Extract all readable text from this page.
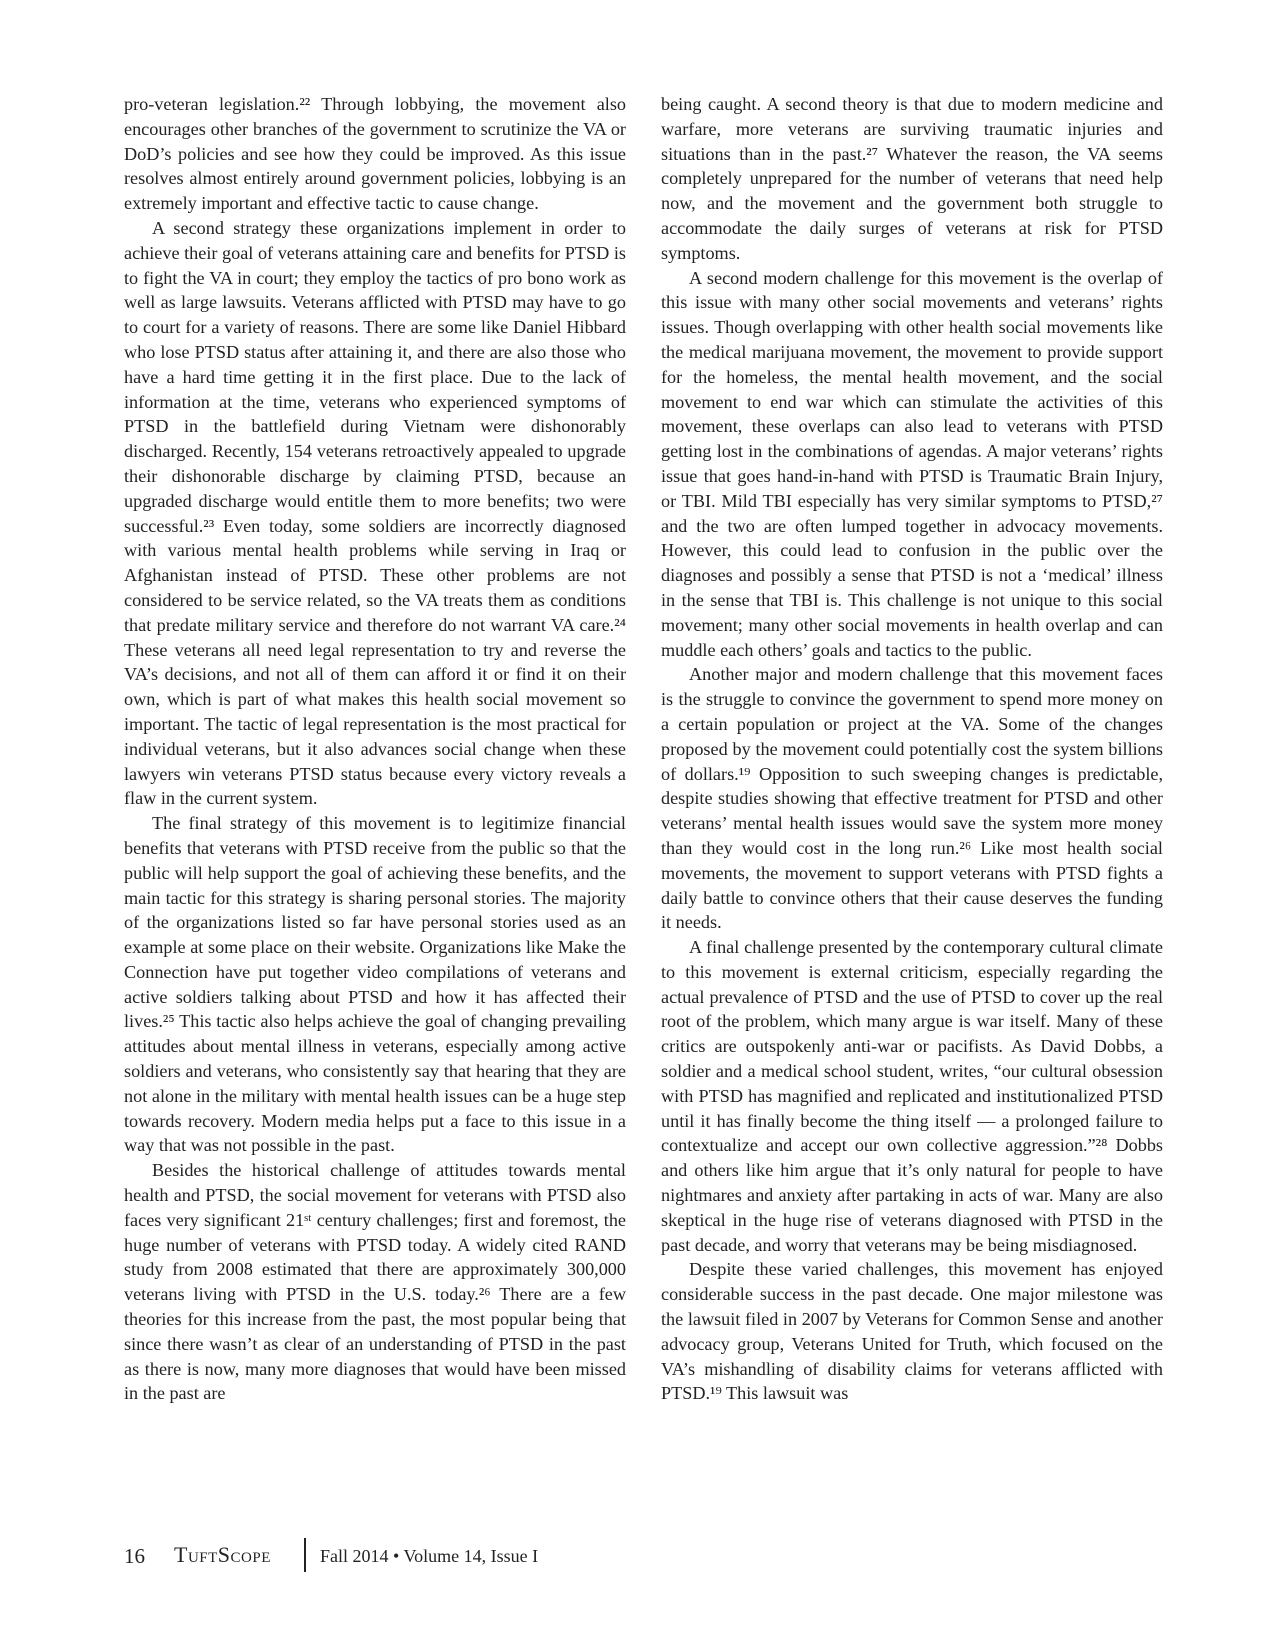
pro-veteran legislation.²² Through lobbying, the movement also encourages other branches of the government to scrutinize the VA or DoD’s policies and see how they could be improved. As this issue resolves almost entirely around government policies, lobbying is an extremely important and effective tactic to cause change.

A second strategy these organizations implement in order to achieve their goal of veterans attaining care and benefits for PTSD is to fight the VA in court; they employ the tactics of pro bono work as well as large lawsuits. Veterans afflicted with PTSD may have to go to court for a variety of reasons. There are some like Daniel Hibbard who lose PTSD status after attaining it, and there are also those who have a hard time getting it in the first place. Due to the lack of information at the time, veterans who experienced symptoms of PTSD in the battlefield during Vietnam were dishonorably discharged. Recently, 154 veterans retroactively appealed to upgrade their dishonorable discharge by claiming PTSD, because an upgraded discharge would entitle them to more benefits; two were successful.²³ Even today, some soldiers are incorrectly diagnosed with various mental health problems while serving in Iraq or Afghanistan instead of PTSD. These other problems are not considered to be service related, so the VA treats them as conditions that predate military service and therefore do not warrant VA care.²⁴ These veterans all need legal representation to try and reverse the VA’s decisions, and not all of them can afford it or find it on their own, which is part of what makes this health social movement so important. The tactic of legal representation is the most practical for individual veterans, but it also advances social change when these lawyers win veterans PTSD status because every victory reveals a flaw in the current system.

The final strategy of this movement is to legitimize financial benefits that veterans with PTSD receive from the public so that the public will help support the goal of achieving these benefits, and the main tactic for this strategy is sharing personal stories. The majority of the organizations listed so far have personal stories used as an example at some place on their website. Organizations like Make the Connection have put together video compilations of veterans and active soldiers talking about PTSD and how it has affected their lives.²⁵ This tactic also helps achieve the goal of changing prevailing attitudes about mental illness in veterans, especially among active soldiers and veterans, who consistently say that hearing that they are not alone in the military with mental health issues can be a huge step towards recovery. Modern media helps put a face to this issue in a way that was not possible in the past.

Besides the historical challenge of attitudes towards mental health and PTSD, the social movement for veterans with PTSD also faces very significant 21ˢᵗ century challenges; first and foremost, the huge number of veterans with PTSD today. A widely cited RAND study from 2008 estimated that there are approximately 300,000 veterans living with PTSD in the U.S. today.²⁶ There are a few theories for this increase from the past, the most popular being that since there wasn’t as clear of an understanding of PTSD in the past as there is now, many more diagnoses that would have been missed in the past are

being caught. A second theory is that due to modern medicine and warfare, more veterans are surviving traumatic injuries and situations than in the past.²⁷ Whatever the reason, the VA seems completely unprepared for the number of veterans that need help now, and the movement and the government both struggle to accommodate the daily surges of veterans at risk for PTSD symptoms.

A second modern challenge for this movement is the overlap of this issue with many other social movements and veterans’ rights issues. Though overlapping with other health social movements like the medical marijuana movement, the movement to provide support for the homeless, the mental health movement, and the social movement to end war which can stimulate the activities of this movement, these overlaps can also lead to veterans with PTSD getting lost in the combinations of agendas. A major veterans’ rights issue that goes hand-in-hand with PTSD is Traumatic Brain Injury, or TBI. Mild TBI especially has very similar symptoms to PTSD,²⁷ and the two are often lumped together in advocacy movements. However, this could lead to confusion in the public over the diagnoses and possibly a sense that PTSD is not a ‘medical’ illness in the sense that TBI is. This challenge is not unique to this social movement; many other social movements in health overlap and can muddle each others’ goals and tactics to the public.

Another major and modern challenge that this movement faces is the struggle to convince the government to spend more money on a certain population or project at the VA. Some of the changes proposed by the movement could potentially cost the system billions of dollars.¹⁹ Opposition to such sweeping changes is predictable, despite studies showing that effective treatment for PTSD and other veterans’ mental health issues would save the system more money than they would cost in the long run.²⁶ Like most health social movements, the movement to support veterans with PTSD fights a daily battle to convince others that their cause deserves the funding it needs.

A final challenge presented by the contemporary cultural climate to this movement is external criticism, especially regarding the actual prevalence of PTSD and the use of PTSD to cover up the real root of the problem, which many argue is war itself. Many of these critics are outspokenly anti-war or pacifists. As David Dobbs, a soldier and a medical school student, writes, “our cultural obsession with PTSD has magnified and replicated and institutionalized PTSD until it has finally become the thing itself — a prolonged failure to contextualize and accept our own collective aggression.”²⁸ Dobbs and others like him argue that it’s only natural for people to have nightmares and anxiety after partaking in acts of war. Many are also skeptical in the huge rise of veterans diagnosed with PTSD in the past decade, and worry that veterans may be being misdiagnosed.

Despite these varied challenges, this movement has enjoyed considerable success in the past decade. One major milestone was the lawsuit filed in 2007 by Veterans for Common Sense and another advocacy group, Veterans United for Truth, which focused on the VA’s mishandling of disability claims for veterans afflicted with PTSD.¹⁹ This lawsuit was

16 TuftScope	Fall 2014 • Volume 14, Issue I
